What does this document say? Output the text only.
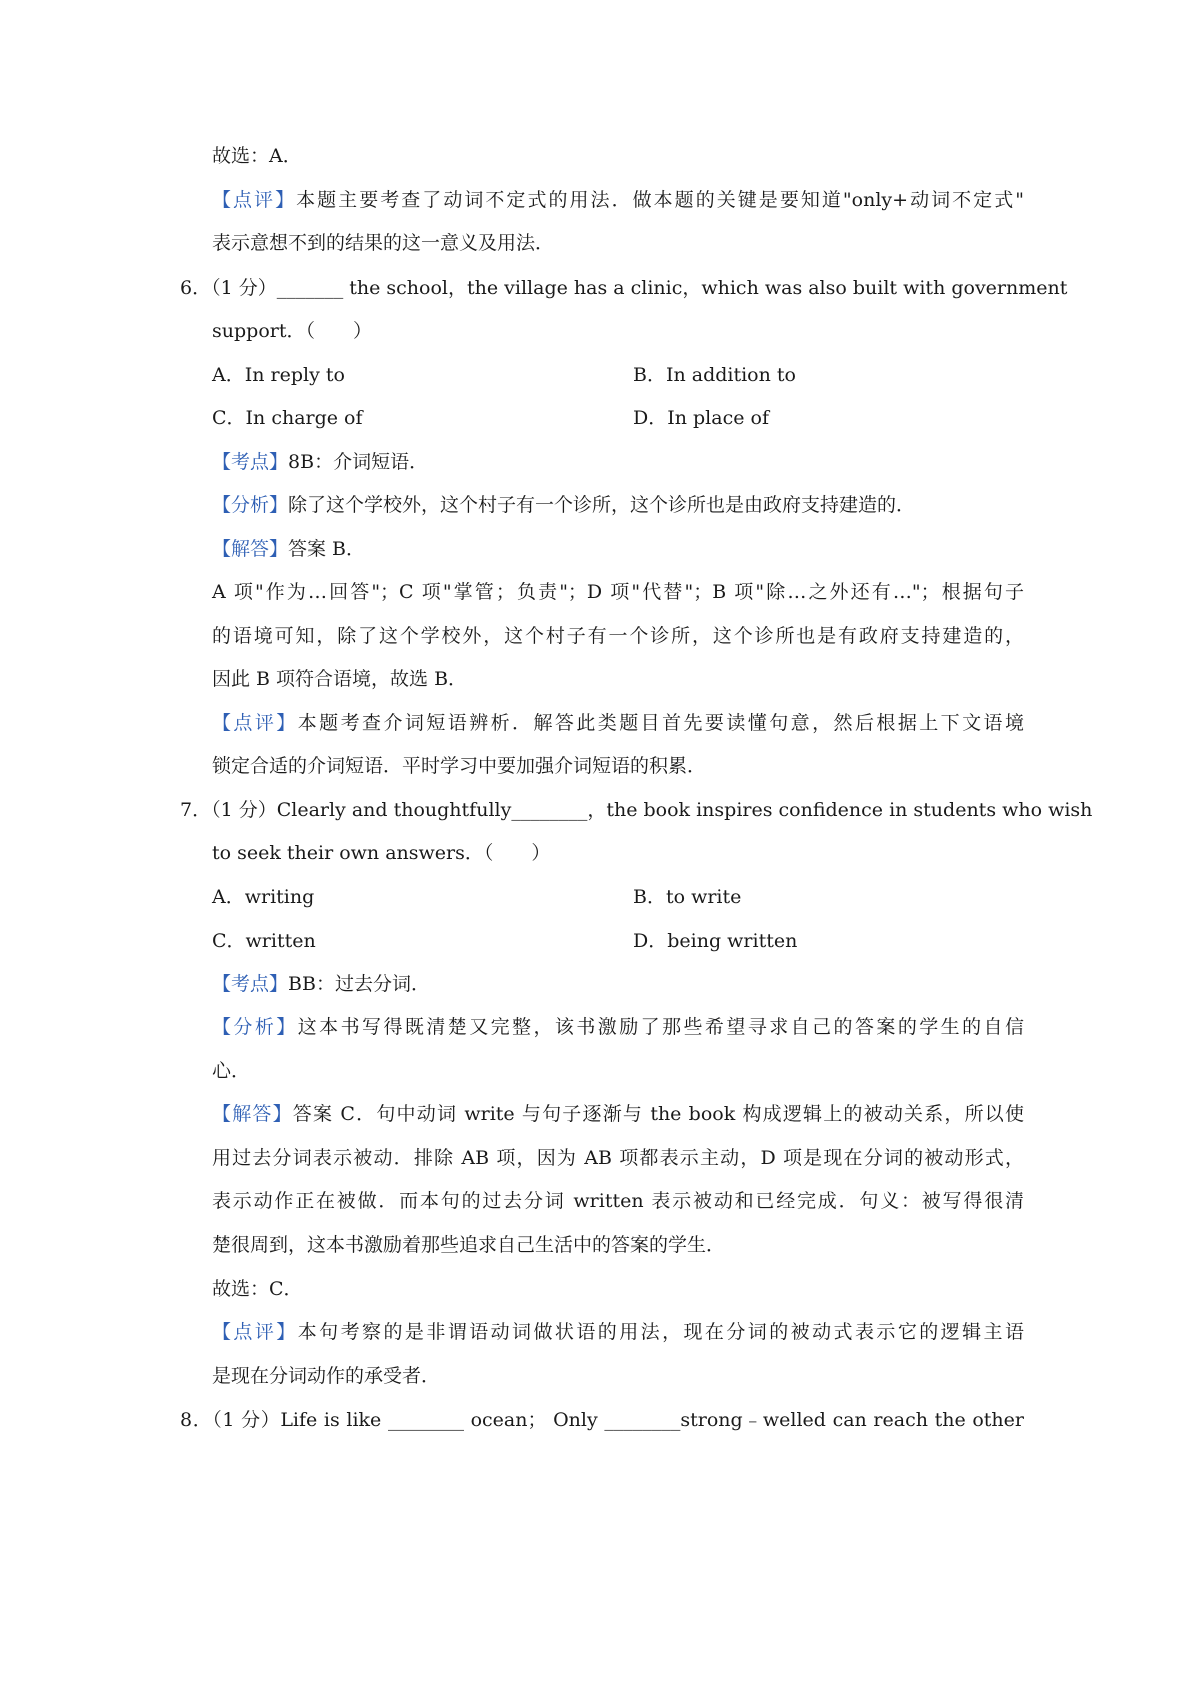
故选：A．
【点评】本题主要考查了动词不定式的用法．做本题的关键是要知道"only+动词不定式"
表示意想不到的结果的这一意义及用法．
6．（1 分）_______ the school，the village has a clinic，which was also built with government
support．（　　）
A．In reply to	B．In addition to
C．In charge of	D．In place of
【考点】8B：介词短语．
【分析】除了这个学校外，这个村子有一个诊所，这个诊所也是由政府支持建造的．
【解答】答案 B．
A 项"作为…回答"；C 项"掌管；负责"；D 项"代替"；B 项"除…之外还有…"；根据句子
的语境可知，除了这个学校外，这个村子有一个诊所，这个诊所也是有政府支持建造的，
因此 B 项符合语境，故选 B．
【点评】本题考查介词短语辨析．解答此类题目首先要读懂句意，然后根据上下文语境
锁定合适的介词短语．平时学习中要加强介词短语的积累．
7．（1 分）Clearly and thoughtfully________，the book inspires confidence in students who wish
to seek their own answers．（　　）
A．writing	B．to write
C．written	D．being written
【考点】BB：过去分词．
【分析】这本书写得既清楚又完整，该书激励了那些希望寻求自己的答案的学生的自信
心．
【解答】答案 C．句中动词 write 与句子逐渐与 the book 构成逻辑上的被动关系，所以使
用过去分词表示被动．排除 AB 项，因为 AB 项都表示主动，D 项是现在分词的被动形式，
表示动作正在被做．而本句的过去分词 written 表示被动和已经完成．句义：被写得很清
楚很周到，这本书激励着那些追求自己生活中的答案的学生．
故选：C．
【点评】本句考察的是非谓语动词做状语的用法，现在分词的被动式表示它的逻辑主语
是现在分词动作的承受者．
8．（1 分）Life is like ________ ocean； Only ________strong﹣welled can reach the other
